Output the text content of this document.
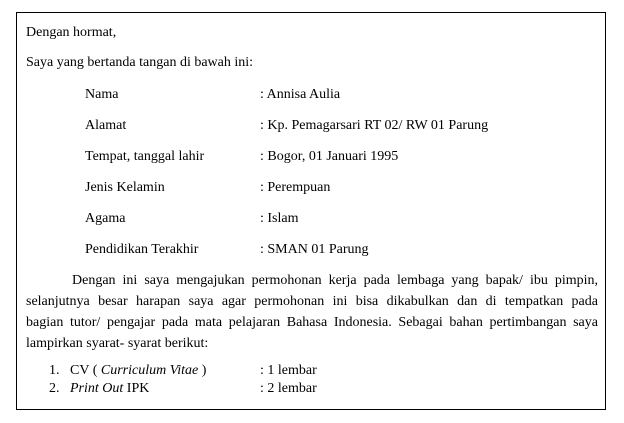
Dengan hormat,
Saya yang bertanda tangan di bawah ini:
Nama	: Annisa Aulia
Alamat	: Kp. Pemagarsari RT 02/ RW 01 Parung
Tempat, tanggal lahir	: Bogor, 01 Januari 1995
Jenis Kelamin	: Perempuan
Agama	: Islam
Pendidikan Terakhir	: SMAN 01 Parung
Dengan ini saya mengajukan permohonan kerja pada lembaga yang bapak/ ibu pimpin,
selanjutnya besar harapan saya agar permohonan ini bisa dikabulkan dan di tempatkan pada
bagian tutor/ pengajar pada mata pelajaran Bahasa Indonesia. Sebagai bahan pertimbangan saya
lampirkan syarat- syarat berikut:
1. CV ( Curriculum Vitae )	: 1 lembar
2. Print Out IPK	: 2 lembar
